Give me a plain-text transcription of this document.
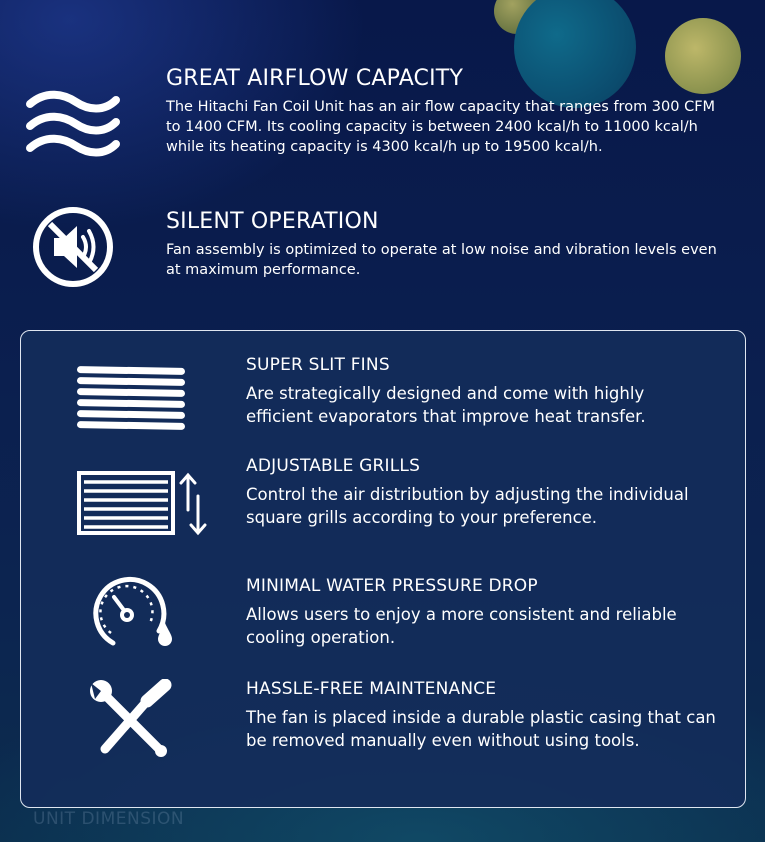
GREAT AIRFLOW CAPACITY

The Hitachi Fan Coil Unit has an air flow capacity that ranges from 300 CFM to 1400 CFM. Its cooling capacity is between 2400 kcal/h to 11000 kcal/h while its heating capacity is 4300 kcal/h up to 19500 kcal/h.

SILENT OPERATION

Fan assembly is optimized to operate at low noise and vibration levels even at maximum performance.

SUPER SLIT FINS

Are strategically designed and come with highly efficient evaporators that improve heat transfer.

ADJUSTABLE GRILLS

Control the air distribution by adjusting the individual square grills according to your preference.

MINIMAL WATER PRESSURE DROP

Allows users to enjoy a more consistent and reliable cooling operation.

HASSLE-FREE MAINTENANCE

The fan is placed inside a durable plastic casing that can be removed manually even without using tools.

UNIT DIMENSION
